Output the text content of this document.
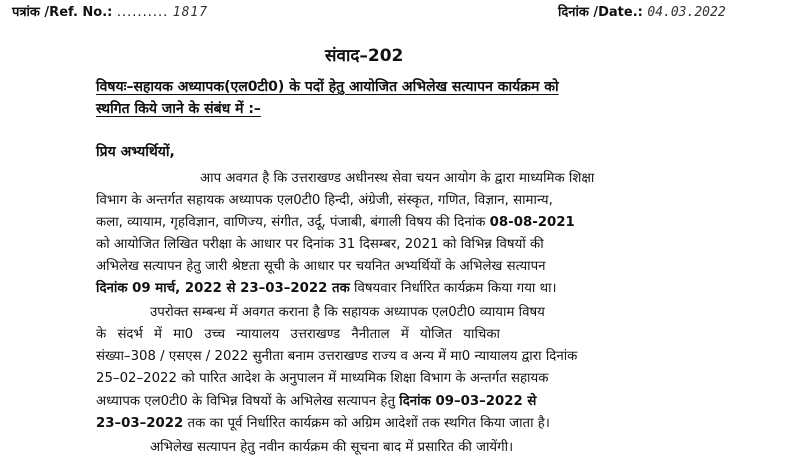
पत्रांक /Ref. No.: .......... 1817	दिनांक /Date.: 04.03.2022
संवाद–202
विषयः–सहायक अध्यापक(एल0टी0) के पदों हेतु आयोजित अभिलेख सत्यापन कार्यक्रम को
स्थगित किये जाने के संबंध में :–
प्रिय अभ्यर्थियों,
आप अवगत है कि उत्तराखण्ड अधीनस्थ सेवा चयन आयोग के द्वारा माध्यमिक शिक्षा
विभाग के अन्तर्गत सहायक अध्यापक एल0टी0 हिन्दी, अंग्रेजी, संस्कृत, गणित, विज्ञान, सामान्य,
कला, व्यायाम, गृहविज्ञान, वाणिज्य, संगीत, उर्दू, पंजाबी, बंगाली विषय की दिनांक 08-08-2021
को आयोजित लिखित परीक्षा के आधार पर दिनांक 31 दिसम्बर, 2021 को विभिन्न विषयों की
अभिलेख सत्यापन हेतु जारी श्रेष्टता सूची के आधार पर चयनित अभ्यर्थियों के अभिलेख सत्यापन
दिनांक 09 मार्च, 2022 से 23–03–2022 तक विषयवार निर्धारित कार्यक्रम किया गया था।
उपरोक्त सम्बन्ध में अवगत कराना है कि सहायक अध्यापक एल0टी0 व्यायाम विषय
के संदर्भ में मा0 उच्च न्यायालय उत्तराखण्ड नैनीताल में योजित याचिका
संख्या–308 / एसएस / 2022 सुनीता बनाम उत्तराखण्ड राज्य व अन्य में मा0 न्यायालय द्वारा दिनांक
25–02–2022 को पारित आदेश के अनुपालन में माध्यमिक शिक्षा विभाग के अन्तर्गत सहायक
अध्यापक एल0टी0 के विभिन्न विषयों के अभिलेख सत्यापन हेतु दिनांक 09–03–2022 से
23–03–2022 तक का पूर्व निर्धारित कार्यक्रम को अग्रिम आदेशों तक स्थगित किया जाता है।
अभिलेख सत्यापन हेतु नवीन कार्यक्रम की सूचना बाद में प्रसारित की जायेंगी।
